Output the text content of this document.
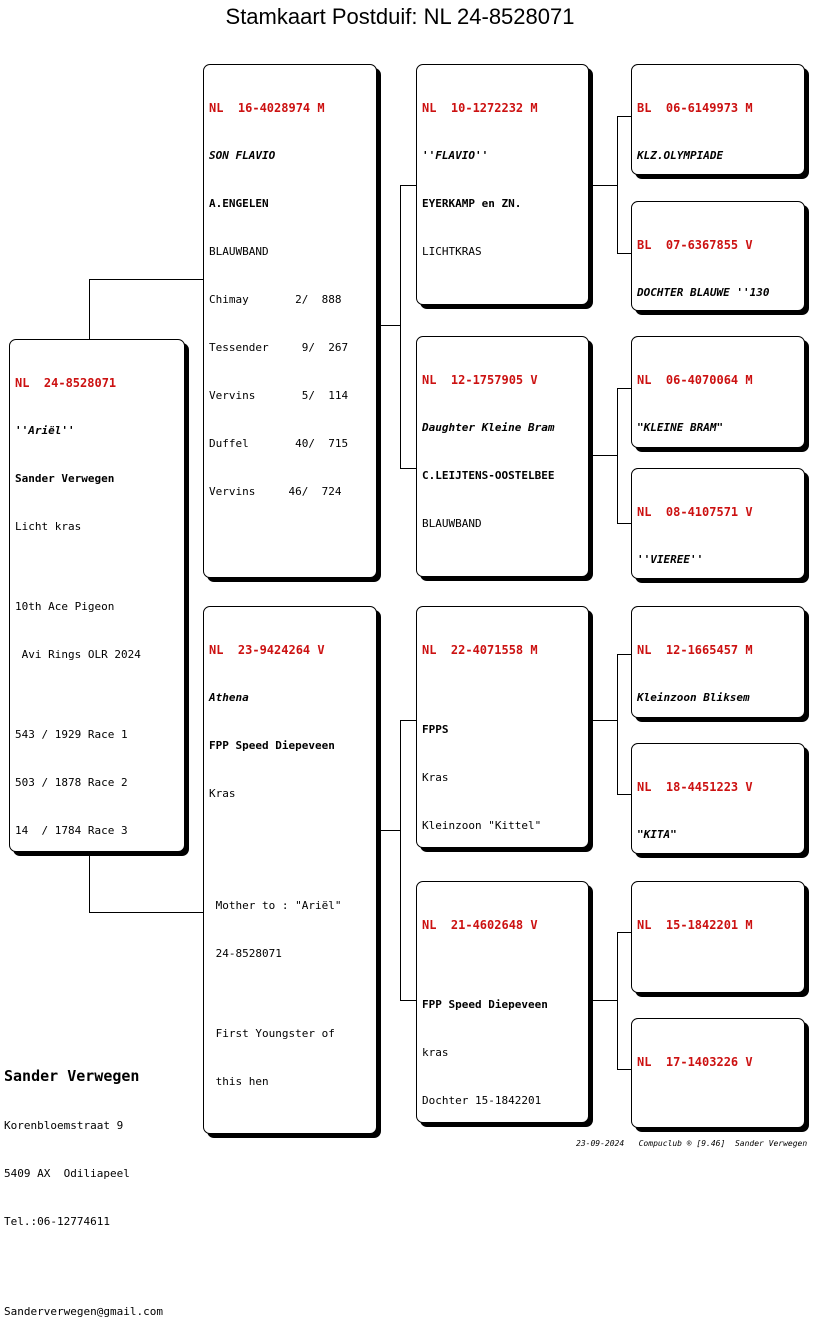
Stamkaart Postduif: NL 24-8528071

NL  24-8528071

''Ariël''

Sander Verwegen

Licht kras

10th Ace Pigeon

Avi Rings OLR 2024

543 / 1929 Race 1

503 / 1878 Race 2

14  / 1784 Race 3

NL  16-4028974 M

SON FLAVIO

A.ENGELEN

BLAUWBAND

Chimay       2/  888

Tessender     9/  267

Vervins       5/  114

Duffel       40/  715

Vervins     46/  724

NL  23-9424264 V

Athena

FPP Speed Diepeveen

Kras

Mother to : "Ariël"

24-8528071

First Youngster of

this hen

NL  10-1272232 M

''FLAVIO''

EYERKAMP en ZN.

LICHTKRAS

NL  12-1757905 V

Daughter Kleine Bram

C.LEIJTENS-OOSTELBEE

BLAUWBAND

NL  22-4071558 M

FPPS

Kras

Kleinzoon "Kittel"

NL  21-4602648 V

FPP Speed Diepeveen

kras

Dochter 15-1842201

BL  06-6149973 M

KLZ.OLYMPIADE

BL  07-6367855 V

DOCHTER BLAUWE ''130

NL  06-4070064 M

"KLEINE BRAM"

NL  08-4107571 V

''VIEREE''

NL  12-1665457 M

Kleinzoon Bliksem

NL  18-4451223 V

"KITA"

NL  15-1842201 M

NL  17-1403226 V

Sander Verwegen

Korenbloemstraat 9

5409 AX  Odiliapeel

Tel.:06-12774611

Sanderverwegen@gmail.com

23-09-2024   Compuclub ® [9.46]  Sander Verwegen
